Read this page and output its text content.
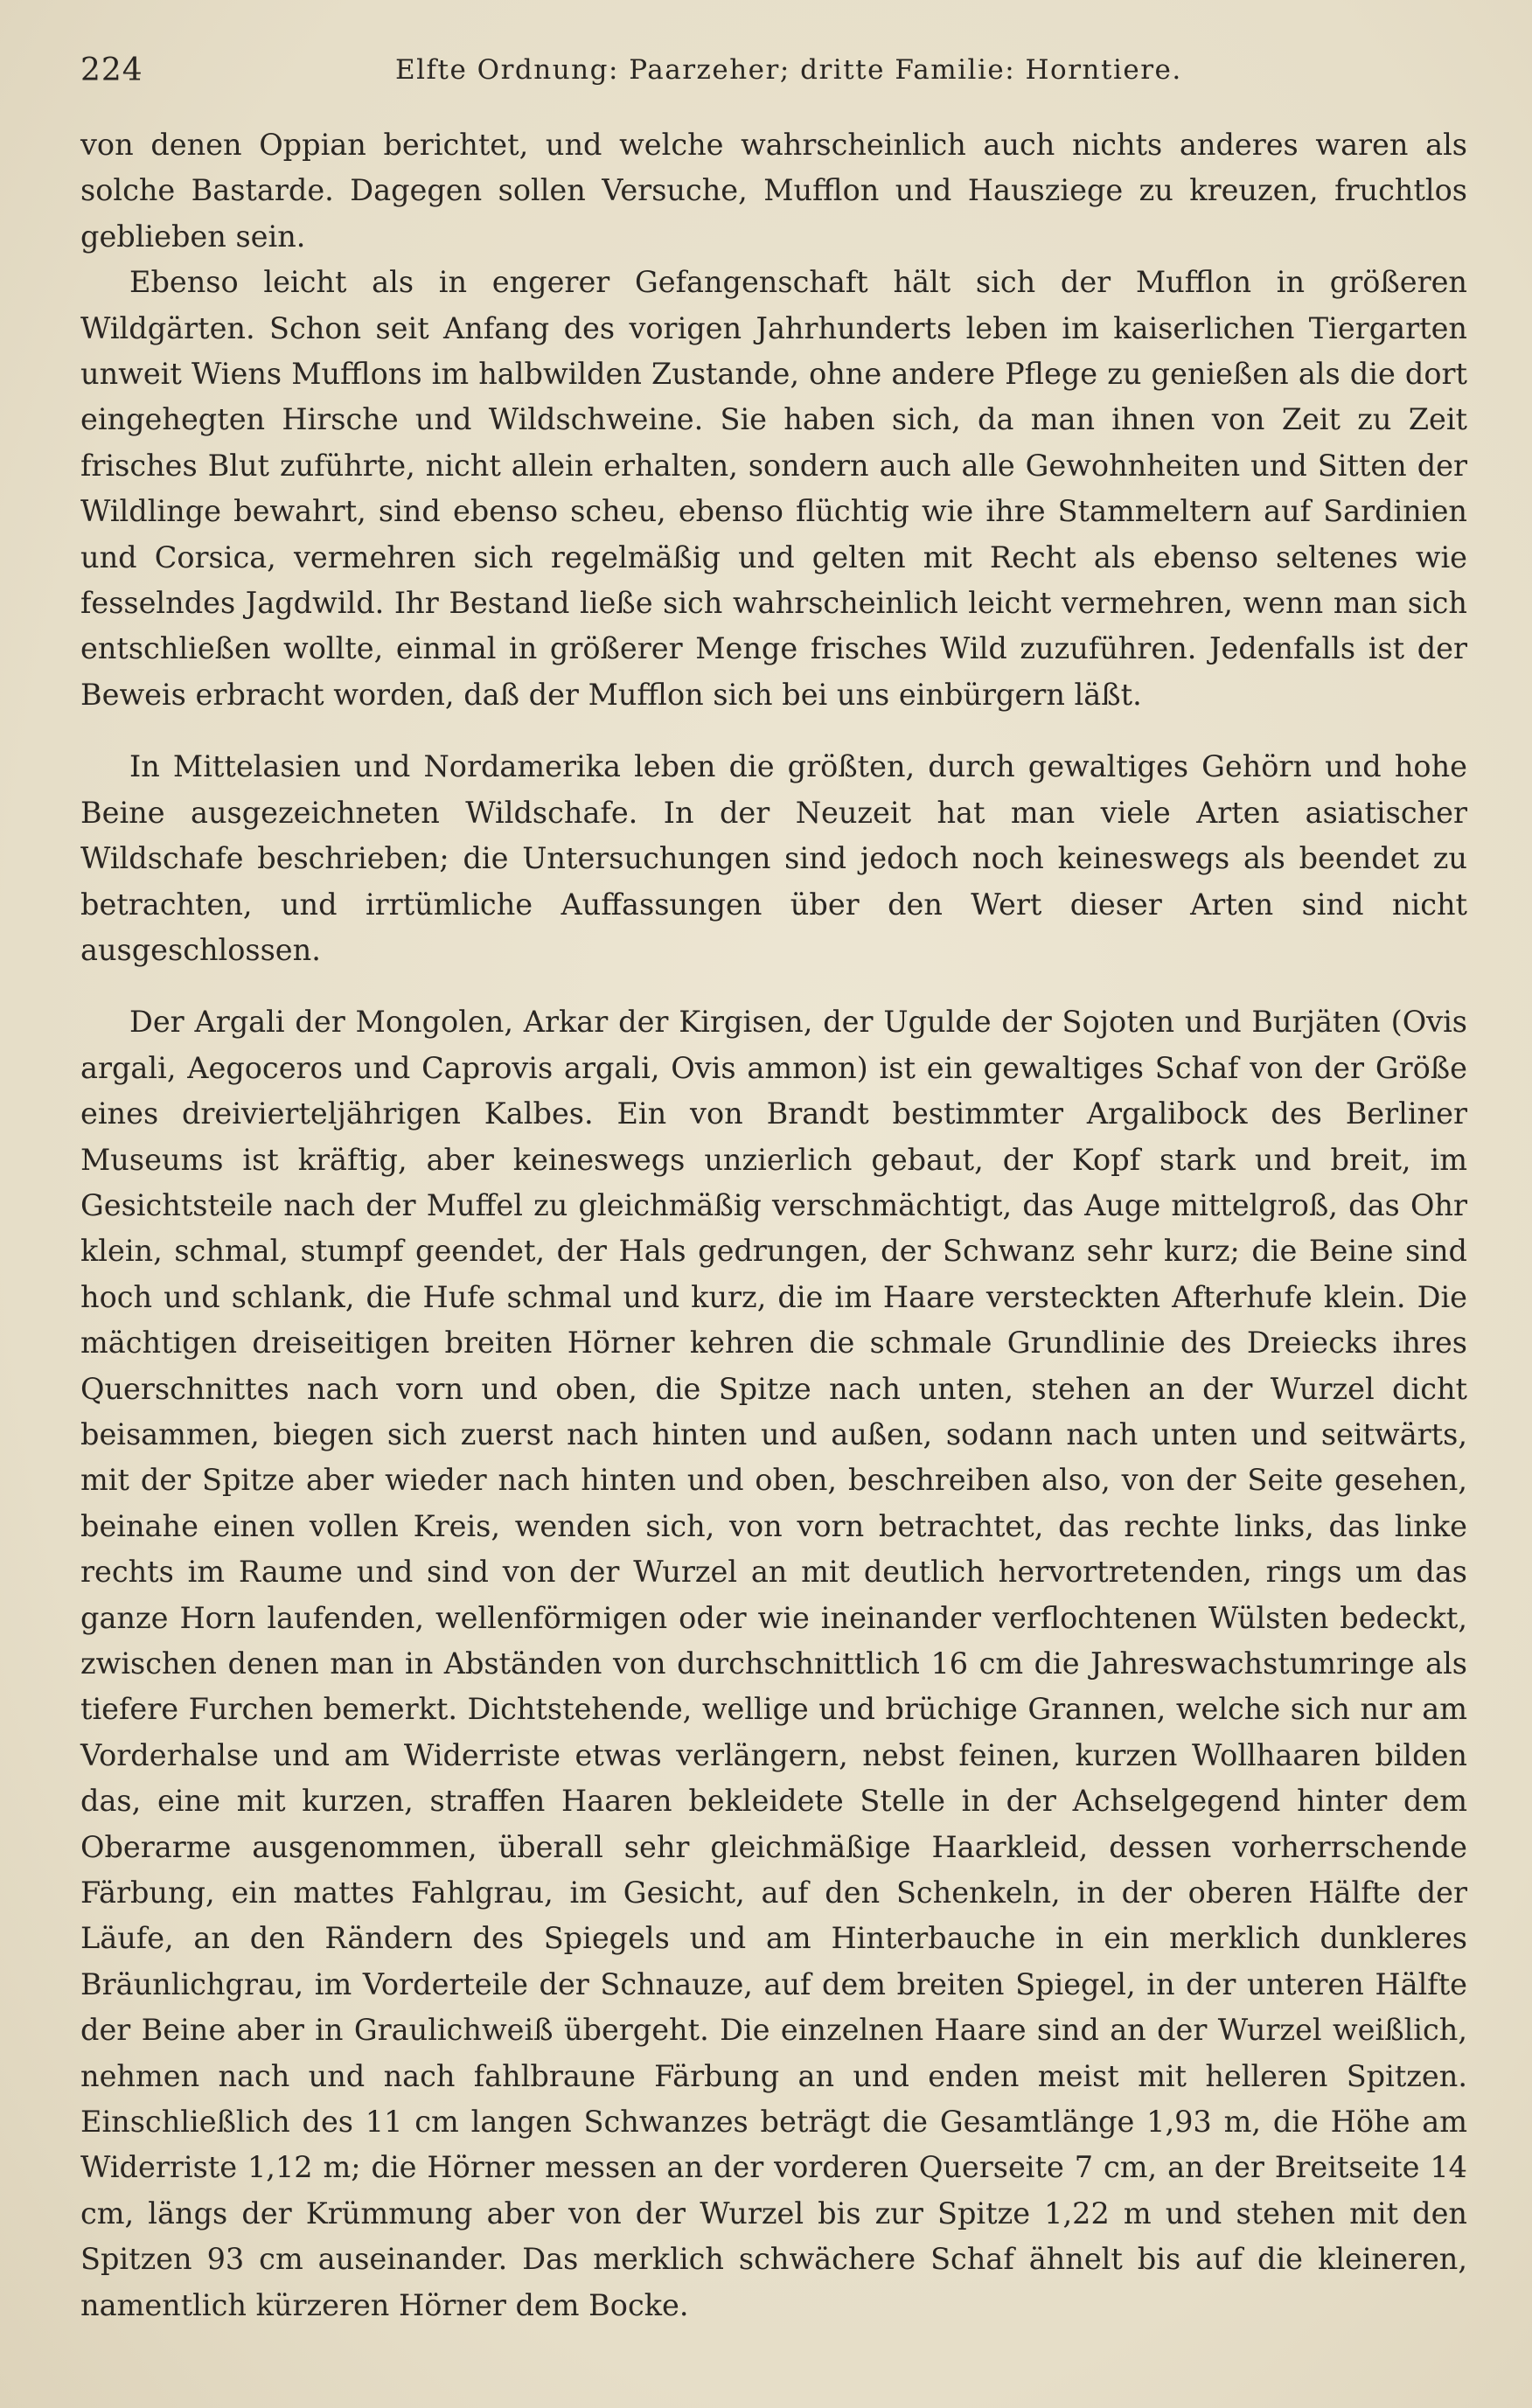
224	Elfte Ordnung: Paarzeher; dritte Familie: Horntiere.

von denen Oppian berichtet, und welche wahrscheinlich auch nichts anderes waren als solche Bastarde. Dagegen sollen Versuche, Mufflon und Hausziege zu kreuzen, fruchtlos geblieben sein.

Ebenso leicht als in engerer Gefangenschaft hält sich der Mufflon in größeren Wildgärten. Schon seit Anfang des vorigen Jahrhunderts leben im kaiserlichen Tiergarten unweit Wiens Mufflons im halbwilden Zustande, ohne andere Pflege zu genießen als die dort eingehegten Hirsche und Wildschweine. Sie haben sich, da man ihnen von Zeit zu Zeit frisches Blut zuführte, nicht allein erhalten, sondern auch alle Gewohnheiten und Sitten der Wildlinge bewahrt, sind ebenso scheu, ebenso flüchtig wie ihre Stammeltern auf Sardinien und Corsica, vermehren sich regelmäßig und gelten mit Recht als ebenso seltenes wie fesselndes Jagdwild. Ihr Bestand ließe sich wahrscheinlich leicht vermehren, wenn man sich entschließen wollte, einmal in größerer Menge frisches Wild zuzuführen. Jedenfalls ist der Beweis erbracht worden, daß der Mufflon sich bei uns einbürgern läßt.

In Mittelasien und Nordamerika leben die größten, durch gewaltiges Gehörn und hohe Beine ausgezeichneten Wildschafe. In der Neuzeit hat man viele Arten asiatischer Wildschafe beschrieben; die Untersuchungen sind jedoch noch keineswegs als beendet zu betrachten, und irrtümliche Auffassungen über den Wert dieser Arten sind nicht ausgeschlossen.

Der Argali der Mongolen, Arkar der Kirgisen, der Ugulde der Sojoten und Burjäten (Ovis argali, Aegoceros und Caprovis argali, Ovis ammon) ist ein gewaltiges Schaf von der Größe eines dreivierteljährigen Kalbes. Ein von Brandt bestimmter Argalibock des Berliner Museums ist kräftig, aber keineswegs unzierlich gebaut, der Kopf stark und breit, im Gesichtsteile nach der Muffel zu gleichmäßig verschmächtigt, das Auge mittelgroß, das Ohr klein, schmal, stumpf geendet, der Hals gedrungen, der Schwanz sehr kurz; die Beine sind hoch und schlank, die Hufe schmal und kurz, die im Haare versteckten Afterhufe klein. Die mächtigen dreiseitigen breiten Hörner kehren die schmale Grundlinie des Dreiecks ihres Querschnittes nach vorn und oben, die Spitze nach unten, stehen an der Wurzel dicht beisammen, biegen sich zuerst nach hinten und außen, sodann nach unten und seitwärts, mit der Spitze aber wieder nach hinten und oben, beschreiben also, von der Seite gesehen, beinahe einen vollen Kreis, wenden sich, von vorn betrachtet, das rechte links, das linke rechts im Raume und sind von der Wurzel an mit deutlich hervortretenden, rings um das ganze Horn laufenden, wellenförmigen oder wie ineinander verflochtenen Wülsten bedeckt, zwischen denen man in Abständen von durchschnittlich 16 cm die Jahreswachstumringe als tiefere Furchen bemerkt. Dichtstehende, wellige und brüchige Grannen, welche sich nur am Vorderhalse und am Widerriste etwas verlängern, nebst feinen, kurzen Wollhaaren bilden das, eine mit kurzen, straffen Haaren bekleidete Stelle in der Achselgegend hinter dem Oberarme ausgenommen, überall sehr gleichmäßige Haarkleid, dessen vorherrschende Färbung, ein mattes Fahlgrau, im Gesicht, auf den Schenkeln, in der oberen Hälfte der Läufe, an den Rändern des Spiegels und am Hinterbauche in ein merklich dunkleres Bräunlichgrau, im Vorderteile der Schnauze, auf dem breiten Spiegel, in der unteren Hälfte der Beine aber in Graulichweiß übergeht. Die einzelnen Haare sind an der Wurzel weißlich, nehmen nach und nach fahlbraune Färbung an und enden meist mit helleren Spitzen. Einschließlich des 11 cm langen Schwanzes beträgt die Gesamtlänge 1,93 m, die Höhe am Widerriste 1,12 m; die Hörner messen an der vorderen Querseite 7 cm, an der Breitseite 14 cm, längs der Krümmung aber von der Wurzel bis zur Spitze 1,22 m und stehen mit den Spitzen 93 cm auseinander. Das merklich schwächere Schaf ähnelt bis auf die kleineren, namentlich kürzeren Hörner dem Bocke.
